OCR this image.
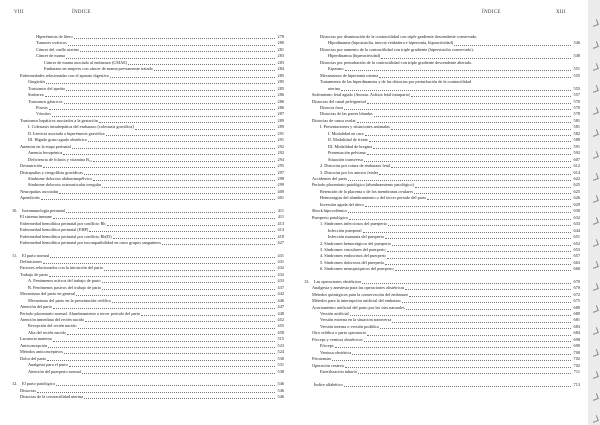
VIII	ÍNDICE	ÍNDICE	XIII
Hiperémesis de litero	278
Tumores ováricos	280
Cáncer del cuello uterino	281
Cáncer de mama	283
Cáncer de mama asociado al embarazo (CMAE)	283
Embarazo en mujeres con cáncer de mama previamente tratado	284
Enfermedades relacionadas con el aparato digestivo	285
Gingivitis	285
Trastornos del apetito	285
Sialorrea	286
Trastornos gástricos	286
Pirosis	286
Vómitos	287
Trastornos hepáticos asociados a la gestación	289
I. Colestasis intrahepática del embarazo (colestasis gravídica)	289
II. Ictericia asociada a hiperémesis gravídica	291
III. Hígado graso agudo obstétrico	291
Anemias en la etapa perinatal	292
Anemia ferropénica	292
Deficiencia de folatos y vitamina B₁₂	294
Desnutrición	295
Distrapulías y riesgofilias gravídicas	297
Síndrome doloroso abdominopélvico	298
Síndrome doloroso osteoarticular irregular	299
Neuropatías asociadas	400
Apendicitis	401
10. Isoinmunología perinatal	411
El sistema inmune	411
Enfermedad hemolítica perinatal por conflicto Rh	413
Enfermedad hemolítica perinatal (EHP)	414
Enfermedad hemolítica perinatal por conflicto Rh(D)	418
Enfermedad hemolítica perinatal por incompatibilidad en otros grupos sanguíneos	427
11. El parto normal	431
Definiciones	431
Factores relacionados con la iniciación del parto	432
Trabajo de parto	432
A. Fenómenos activos del trabajo de parto	433
B. Fenómenos pasivos del trabajo de parto	437
Mecanismo del parto en general	442
Mecanismo del parto en la presentación cefálica	446
Atención del parto	447
Período placentario normal. Alumbramiento a tercer período del parto	448
Atención inmediata del recién nacido	452
Recepción del recién nacido	455
Alta del recién nacido	458
Lactancia materna	515
Anticoncepción	523
Métodos anticonceptivos	524
Dolor del parto	530
Analgesia para el parto	531
Atención del puerperio normal	538
12. El parto patológico	546
Distocias	546
Distocias de la contractilidad uterina	546
Distocias por disminución de la contractilidad con triple gradiente descendente conservado.
Hipodinamia (hiposistolia, inercia verdadera e hipertonía, hipoactividad)	546
Distocias por aumento de la contractilidad con triple gradiente (hipersistolia conservado).
Hiperdinamia (hiperactividad)	548
Distocias por perturbación de la contractilidad con triple gradiente descendente alterado.
Espasmo	551
Mecanismos de hipertonía uterina	555
Tratamiento de las hiperdinamias y de las distocias por perturbación de la contractilidad
uterina	555
Sufrimiento fetal agudo (Anoxia. Asfixia fetal intraparto)	557
Distocias del canal pelvigenital	570
Distocia ósea	570
Distocias de las partes blandas	578
Distocias de causa ovular	581
I. Presentaciones y situaciones anómalas	581
I. Modalidad en cara	582
II. Modalidad de frente	588
III. Modalidad de bregma	591
Presentación pelviana	592
Situación transversa	607
2. Distocias por rotura de embarazo fetal	612
3. Distocias por los anexos fetales	614
Accidentes del parto	622
Período placentario patológico (alumbramiento patológico)	625
Retención de la placenta o de los membranas ovulares	625
Hemorragias del alumbramiento o del tercer período del parto	626
Inversión aguda del útero	629
Shock hipovolémico	630
Puerperio patológico	632
1. Síndromes infecciosos del puerperio	633
Infección puerperal	644
Infección mamaria del puerperio	651
2. Síndromes hemorrágicos del puerperio	652
3. Síndromes vasculares del puerperio	653
4. Síndromes endocrinos del puerperio	657
5. Síndromes dolorosos del puerperio	663
6. Síndromes neuropsíquicos del puerperio	668
13. Las operaciones obstétricas	670
Analgesia y anestesia para las operaciones obstétricas	670
Métodos quirúrgicos para la conservación del embarazo	672
Métodos para la interrupción artificial del embarazo	675
Acortamiento artificial del parto por las vías naturales	680
Versión artificial	680
Versión externa en la situación transversa	681
Versión interna o versión podálica	683
Otra cefálica o parto operatorio	684
Fórceps y ventosa obstétricos	690
Fórceps	690
Ventosa obstétrica	700
Fetotomías	702
Operación cesárea	702
Esterilización tubaria	711
Índice alfabético	713
